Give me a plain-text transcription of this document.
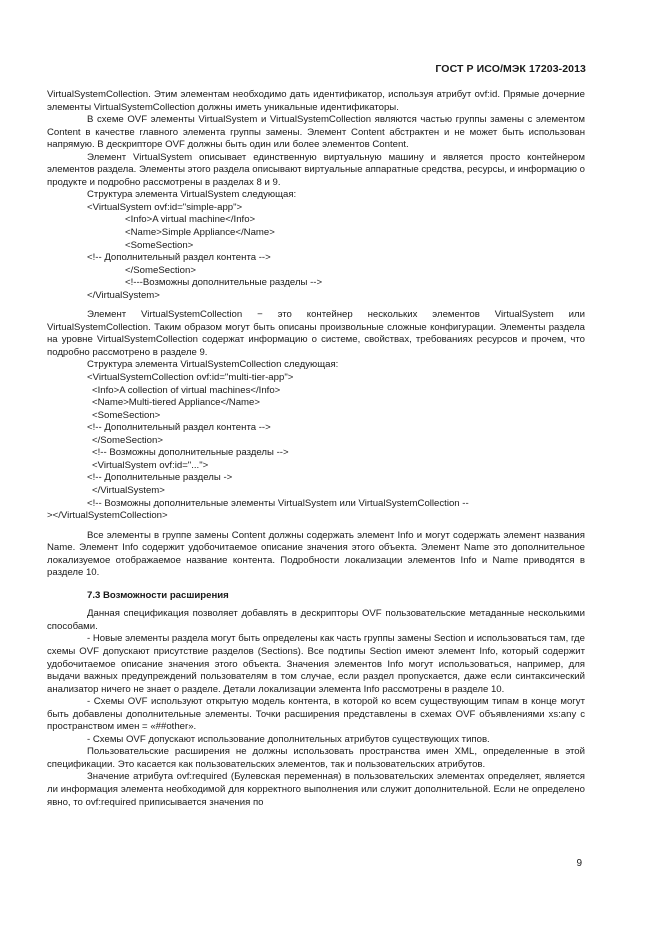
ГОСТ Р ИСО/МЭК 17203-2013

VirtualSystemCollection. Этим элементам необходимо дать идентификатор, используя атрибут ovf:id. Прямые дочерние элементы VirtualSystemCollection должны иметь уникальные идентификаторы.

В схеме OVF элементы VirtualSystem и VirtualSystemCollection являются частью группы замены с элементом Content в качестве главного элемента группы замены. Элемент Content абстрактен и не может быть использован напрямую. В дескрипторе OVF должны быть один или более элементов Content.

Элемент VirtualSystem описывает единственную виртуальную машину и является просто контейнером элементов раздела. Элементы этого раздела описывают виртуальные аппаратные средства, ресурсы, и информацию о продукте и подробно рассмотрены в разделах 8 и 9.

Структура элемента VirtualSystem следующая:

<VirtualSystem ovf:id="simple-app">

<Info>A virtual machine</Info>

<Name>Simple Appliance</Name>

<SomeSection>

<!-- Дополнительный раздел контента -->

</SomeSection>

<!---Возможны дополнительные разделы -->

</VirtualSystem>

Элемент VirtualSystemCollection − это контейнер нескольких элементов VirtualSystem или VirtualSystemCollection. Таким образом могут быть описаны произвольные сложные конфигурации. Элементы раздела на уровне VirtualSystemCollection содержат информацию о системе, свойствах, требованиях ресурсов и прочем, что подробно рассмотрено в разделе 9.

Структура элемента VirtualSystemCollection следующая:

<VirtualSystemCollection ovf:id="multi-tier-app">

<Info>A collection of virtual machines</Info>

<Name>Multi-tiered Appliance</Name>

<SomeSection>

<!-- Дополнительный раздел контента -->

</SomeSection>

<!-- Возможны дополнительные разделы -->

<VirtualSystem ovf:id="...">

<!-- Дополнительные разделы ->

</VirtualSystem>

<!-- Возможны дополнительные элементы VirtualSystem или VirtualSystemCollection --

></VirtualSystemCollection>

Все элементы в группе замены Content должны содержать элемент Info и могут содержать элемент названия Name. Элемент Info содержит удобочитаемое описание значения этого объекта. Элемент Name это дополнительное локализуемое отображаемое название контента. Подробности локализации элементов Info и Name приводятся в разделе 10.

7.3 Возможности расширения

Данная спецификация позволяет добавлять в дескрипторы OVF пользовательские метаданные несколькими способами.

- Новые элементы раздела могут быть определены как часть группы замены Section и использоваться там, где схемы OVF допускают присутствие разделов (Sections). Все подтипы Section имеют элемент Info, который содержит удобочитаемое описание значения этого объекта. Значения элементов Info могут использоваться, например, для выдачи важных предупреждений пользователям в том случае, если раздел пропускается, даже если синтаксический анализатор ничего не знает о разделе. Детали локализации элемента Info рассмотрены в разделе 10.

- Схемы OVF используют открытую модель контента, в которой ко всем существующим типам в конце могут быть добавлены дополнительные элементы. Точки расширения представлены в схемах OVF объявлениями xs:any с пространством имен = «##other».

- Схемы OVF допускают использование дополнительных атрибутов существующих типов.

Пользовательские расширения не должны использовать пространства имен XML, определенные в этой спецификации. Это касается как пользовательских элементов, так и пользовательских атрибутов.

Значение атрибута ovf:required (Булевская переменная) в пользовательских элементах определяет, является ли информация элемента необходимой для корректного выполнения или служит дополнительной. Если не определено явно, то ovf:required приписывается значения по

9
